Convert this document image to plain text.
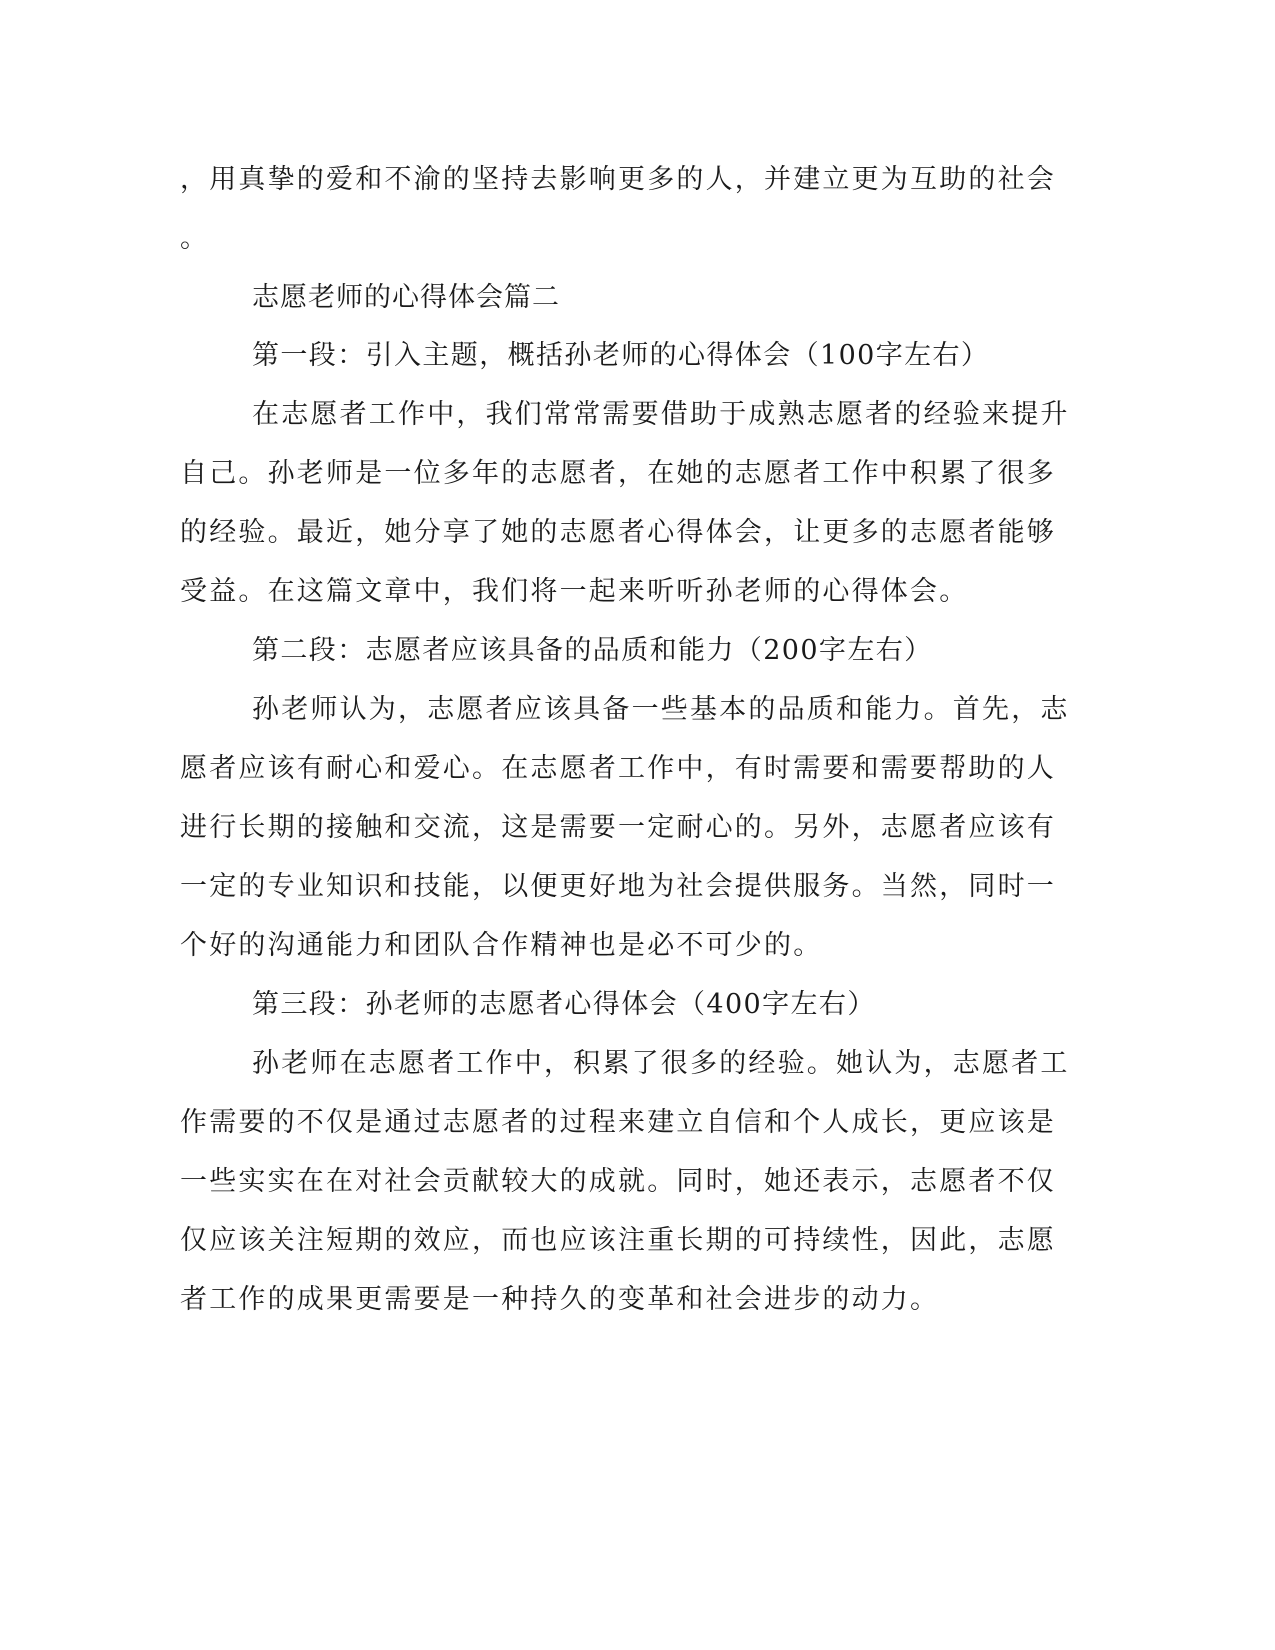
，用真挚的爱和不渝的坚持去影响更多的人，并建立更为互助的社会
。
志愿老师的心得体会篇二
第一段：引入主题，概括孙老师的心得体会（100字左右）
在志愿者工作中，我们常常需要借助于成熟志愿者的经验来提升
自己。孙老师是一位多年的志愿者，在她的志愿者工作中积累了很多
的经验。最近，她分享了她的志愿者心得体会，让更多的志愿者能够
受益。在这篇文章中，我们将一起来听听孙老师的心得体会。
第二段：志愿者应该具备的品质和能力（200字左右）
孙老师认为，志愿者应该具备一些基本的品质和能力。首先，志
愿者应该有耐心和爱心。在志愿者工作中，有时需要和需要帮助的人
进行长期的接触和交流，这是需要一定耐心的。另外，志愿者应该有
一定的专业知识和技能，以便更好地为社会提供服务。当然，同时一
个好的沟通能力和团队合作精神也是必不可少的。
第三段：孙老师的志愿者心得体会（400字左右）
孙老师在志愿者工作中，积累了很多的经验。她认为，志愿者工
作需要的不仅是通过志愿者的过程来建立自信和个人成长，更应该是
一些实实在在对社会贡献较大的成就。同时，她还表示，志愿者不仅
仅应该关注短期的效应，而也应该注重长期的可持续性，因此，志愿
者工作的成果更需要是一种持久的变革和社会进步的动力。
